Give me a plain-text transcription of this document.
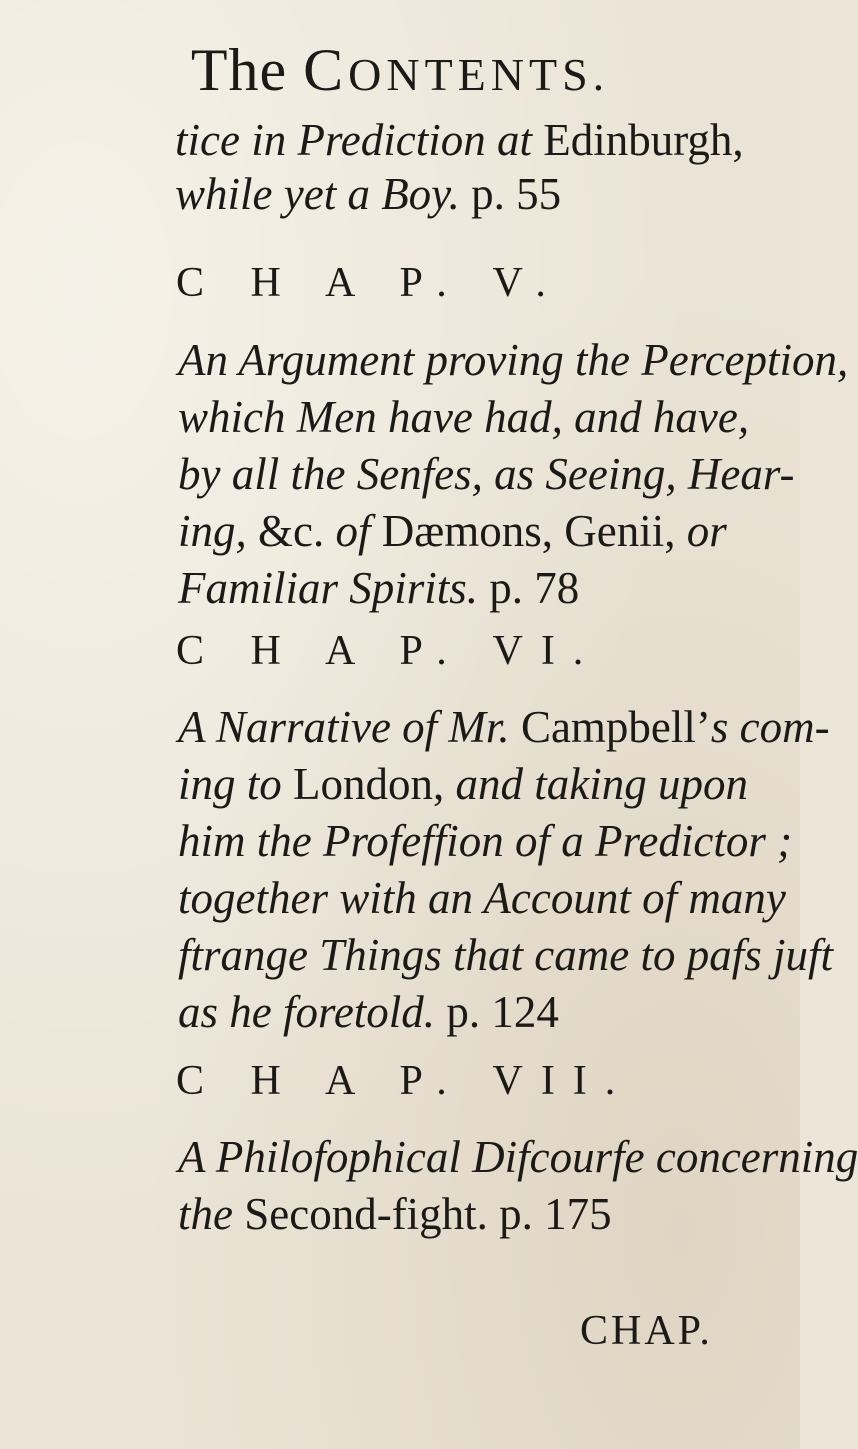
The CONTENTS.
tice in Prediction at Edinburgh,
while yet a Boy. p. 55
C H A P. V.
An Argument proving the Perception,
which Men have had, and have,
by all the Senfes, as Seeing, Hear-
ing, &c. of Dæmons, Genii, or
Familiar Spirits. p. 78
C H A P. VI.
A Narrative of Mr. Campbell’s com-
ing to London, and taking upon
him the Profeffion of a Predictor ;
together with an Account of many
ftrange Things that came to pafs juft
as he foretold. p. 124
C H A P. VII.
A Philofophical Difcourfe concerning
the Second-fight. p. 175
CHAP.
